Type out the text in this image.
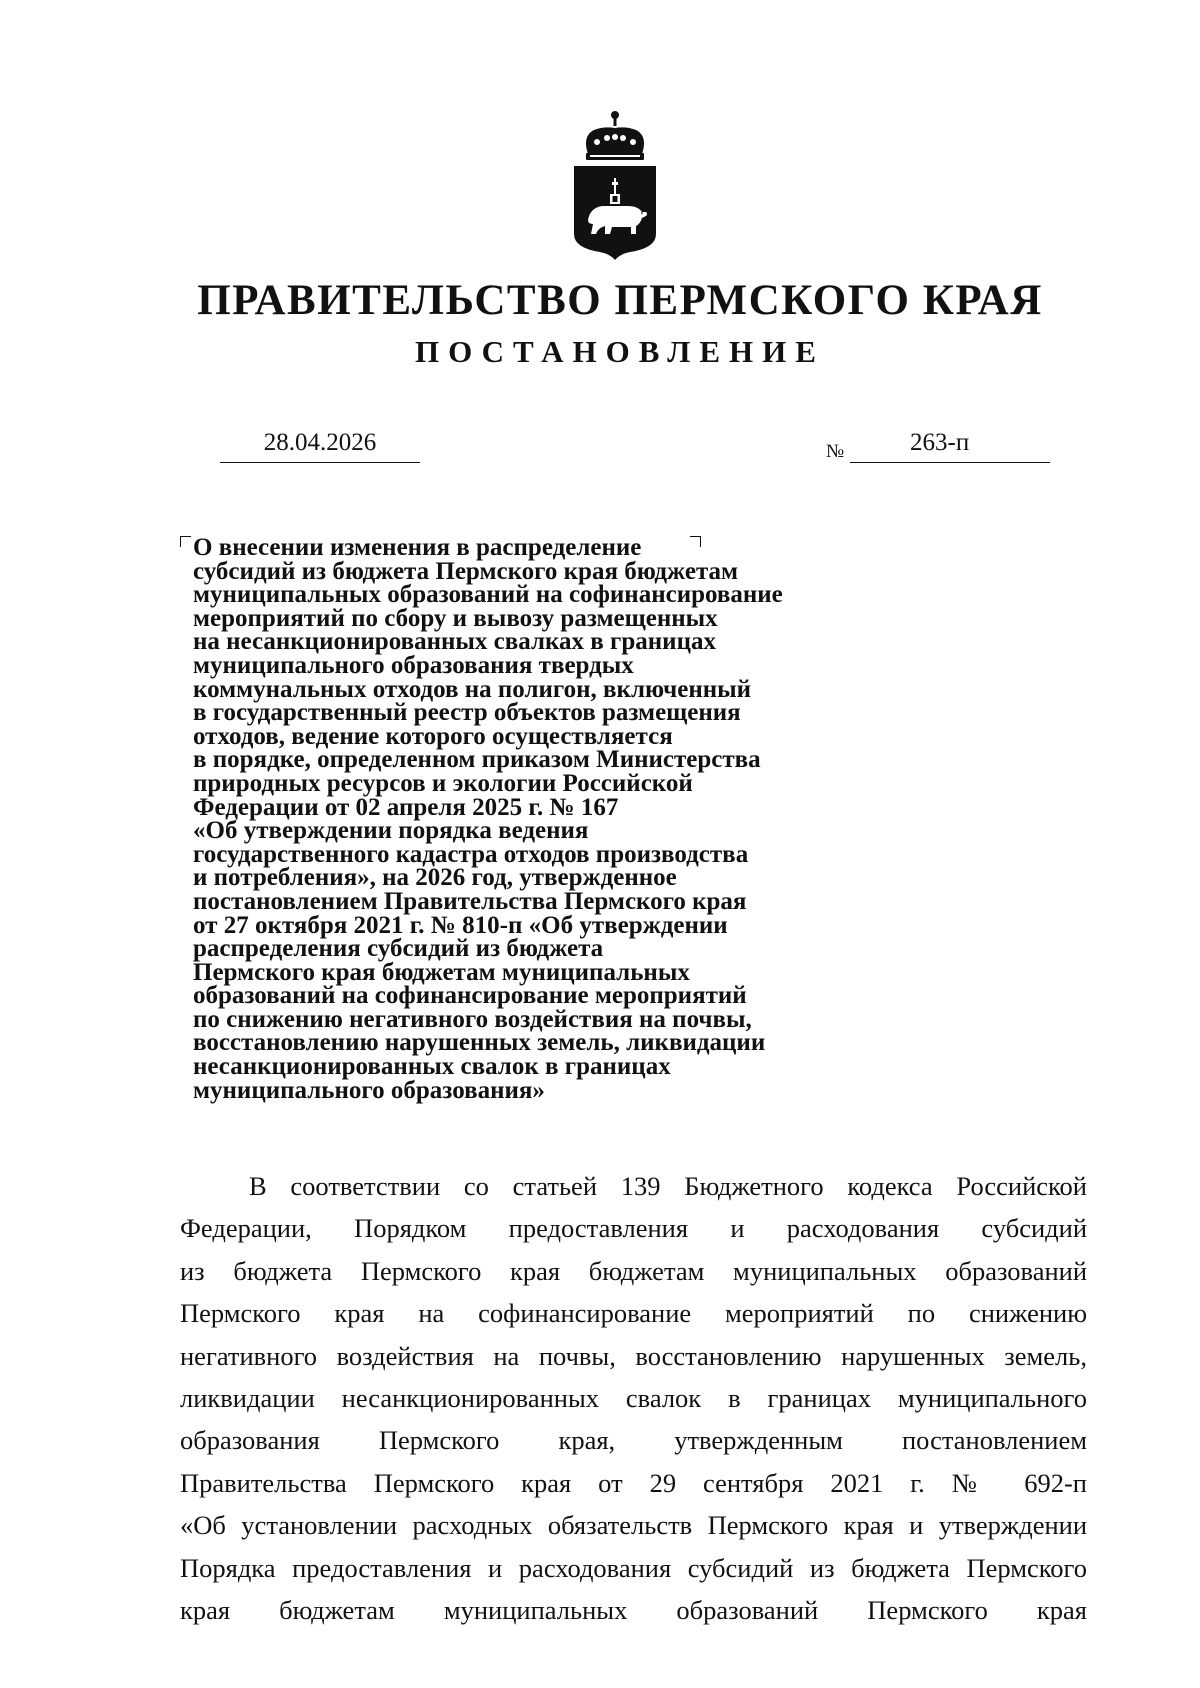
ПРАВИТЕЛЬСТВО ПЕРМСКОГО КРАЯ
ПОСТАНОВЛЕНИЕ
28.04.2026	№	263-п
О внесении изменения в распределение
субсидий из бюджета Пермского края бюджетам
муниципальных образований на софинансирование
мероприятий по сбору и вывозу размещенных
на несанкционированных свалках в границах
муниципального образования твердых
коммунальных отходов на полигон, включенный
в государственный реестр объектов размещения
отходов, ведение которого осуществляется
в порядке, определенном приказом Министерства
природных ресурсов и экологии Российской
Федерации от 02 апреля 2025 г. № 167
«Об утверждении порядка ведения
государственного кадастра отходов производства
и потребления», на 2026 год, утвержденное
постановлением Правительства Пермского края
от 27 октября 2021 г. № 810-п «Об утверждении
распределения субсидий из бюджета
Пермского края бюджетам муниципальных
образований на софинансирование мероприятий
по снижению негативного воздействия на почвы,
восстановлению нарушенных земель, ликвидации
несанкционированных свалок в границах
муниципального образования»
В соответствии со статьей 139 Бюджетного кодекса Российской
Федерации, Порядком предоставления и расходования субсидий
из бюджета Пермского края бюджетам муниципальных образований
Пермского края на софинансирование мероприятий по снижению
негативного воздействия на почвы, восстановлению нарушенных земель,
ликвидации несанкционированных свалок в границах муниципального
образования Пермского края, утвержденным постановлением
Правительства Пермского края от 29 сентября 2021 г. № 692-п
«Об установлении расходных обязательств Пермского края и утверждении
Порядка предоставления и расходования субсидий из бюджета Пермского
края бюджетам муниципальных образований Пермского края
